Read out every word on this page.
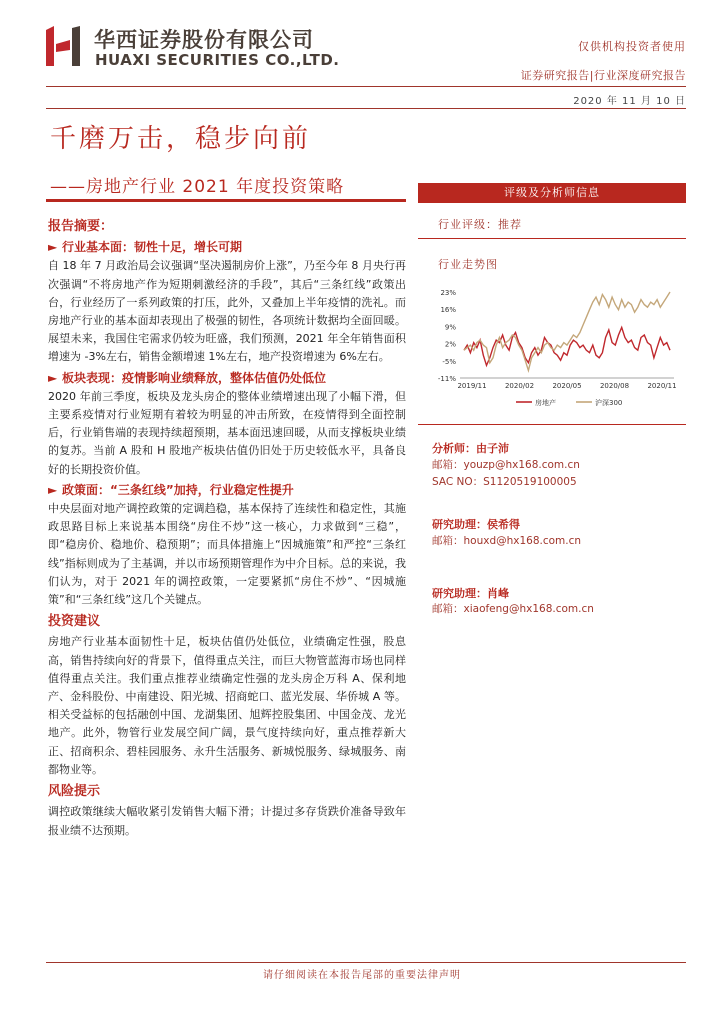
华西证券股份有限公司
HUAXI SECURITIES CO.,LTD.
仅供机构投资者使用
证券研究报告|行业深度研究报告
2020 年 11 月 10 日
千磨万击，稳步向前
——房地产行业 2021 年度投资策略
报告摘要：
► 行业基本面：韧性十足，增长可期

自 18 年 7 月政治局会议强调“坚决遏制房价上涨”，乃至今年 8 月央行再次强调“不将房地产作为短期刺激经济的手段”，其后“三条红线”政策出台，行业经历了一系列政策的打压，此外，又叠加上半年疫情的洗礼。而房地产行业的基本面却表现出了极强的韧性，各项统计数据均全面回暖。展望未来，我国住宅需求仍较为旺盛，我们预测，2021 年全年销售面积增速为 -3%左右，销售金额增速 1%左右，地产投资增速为 6%左右。

► 板块表现：疫情影响业绩释放，整体估值仍处低位

2020 年前三季度，板块及龙头房企的整体业绩增速出现了小幅下滑，但主要系疫情对行业短期有着较为明显的冲击所致，在疫情得到全面控制后，行业销售端的表现持续超预期，基本面迅速回暖，从而支撑板块业绩的复苏。当前 A 股和 H 股地产板块估值仍旧处于历史较低水平，具备良好的长期投资价值。

► 政策面：“三条红线”加持，行业稳定性提升

中央层面对地产调控政策的定调趋稳，基本保持了连续性和稳定性，其施政思路目标上来说基本围绕“房住不炒”这一核心，力求做到“三稳”，即“稳房价、稳地价、稳预期”；而具体措施上“因城施策”和严控“三条红线”指标则成为了主基调，并以市场预期管理作为中介目标。总的来说，我们认为，对于 2021 年的调控政策，一定要紧抓“房住不炒”、“因城施策”和“三条红线”这几个关键点。

投资建议

房地产行业基本面韧性十足，板块估值仍处低位，业绩确定性强，股息高，销售持续向好的背景下，值得重点关注，而巨大物管蓝海市场也同样值得重点关注。我们重点推荐业绩确定性强的龙头房企万科 A、保利地产、金科股份、中南建设、阳光城、招商蛇口、蓝光发展、华侨城 A 等。相关受益标的包括融创中国、龙湖集团、旭辉控股集团、中国金茂、龙光地产。此外，物管行业发展空间广阔，景气度持续向好，重点推荐新大正、招商积余、碧桂园服务、永升生活服务、新城悦服务、绿城服务、南都物业等。

风险提示

调控政策继续大幅收紧引发销售大幅下滑；计提过多存货跌价准备导致年报业绩不达预期。

评级及分析师信息
行业评级：推荐
行业走势图
23%
16%
9%
2%
-5%
-11%
2019/11	2020/02	2020/05	2020/08	2020/11
房地产	沪深300
分析师：由子沛
邮箱：youzp@hx168.com.cn
SAC NO：S1120519100005
研究助理：侯希得
邮箱：houxd@hx168.com.cn
研究助理：肖峰
邮箱：xiaofeng@hx168.com.cn
请仔细阅读在本报告尾部的重要法律声明
